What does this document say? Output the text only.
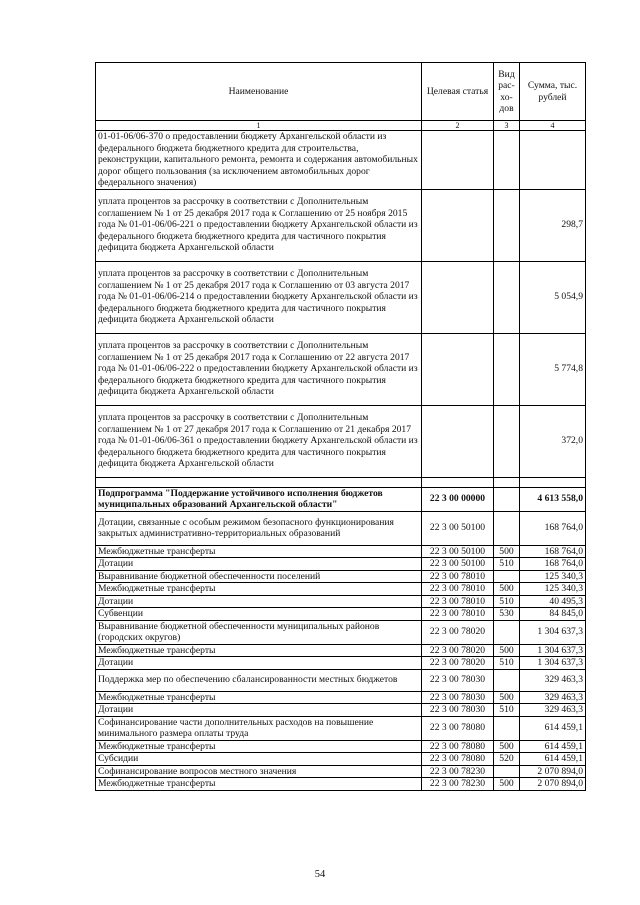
Наименование	Целевая статья	Вид рас-хо-дов	Сумма, тыс. рублей
1	2	3	4
01-01-06/06-370 о предоставлении бюджету Архангельской области из федерального бюджета бюджетного кредита для строительства, реконструкции, капитального ремонта, ремонта и содержания автомобильных дорог общего пользования (за исключением автомобильных дорог федерального значения)			
уплата процентов за рассрочку в соответствии с Дополнительным соглашением № 1 от 25 декабря 2017 года к Соглашению от 25 ноября 2015 года № 01-01-06/06-221 о предоставлении бюджету Архангельской области из федерального бюджета бюджетного кредита для частичного покрытия дефицита бюджета Архангельской области			298,7
уплата процентов за рассрочку в соответствии с Дополнительным соглашением № 1 от 25 декабря 2017 года к Соглашению от 03 августа 2017 года № 01-01-06/06-214 о предоставлении бюджету Архангельской области из федерального бюджета бюджетного кредита для частичного покрытия дефицита бюджета Архангельской области			5 054,9
уплата процентов за рассрочку в соответствии с Дополнительным соглашением № 1 от 25 декабря 2017 года к Соглашению от 22 августа 2017 года № 01-01-06/06-222 о предоставлении бюджету Архангельской области из федерального бюджета бюджетного кредита для частичного покрытия дефицита бюджета Архангельской области			5 774,8
уплата процентов за рассрочку в соответствии с Дополнительным соглашением № 1 от 27 декабря 2017 года к Соглашению от 21 декабря 2017 года № 01-01-06/06-361 о предоставлении бюджету Архангельской области из федерального бюджета бюджетного кредита для частичного покрытия дефицита бюджета Архангельской области			372,0

Подпрограмма "Поддержание устойчивого исполнения бюджетов муниципальных образований Архангельской области"	22 3 00 00000		4 613 558,0
Дотации, связанные с особым режимом безопасного функционирования закрытых административно-территориальных образований	22 3 00 50100		168 764,0
Межбюджетные трансферты	22 3 00 50100	500	168 764,0
Дотации	22 3 00 50100	510	168 764,0
Выравнивание бюджетной обеспеченности поселений	22 3 00 78010		125 340,3
Межбюджетные трансферты	22 3 00 78010	500	125 340,3
Дотации	22 3 00 78010	510	40 495,3
Субвенции	22 3 00 78010	530	84 845,0
Выравнивание бюджетной обеспеченности муниципальных районов (городских округов)	22 3 00 78020		1 304 637,3
Межбюджетные трансферты	22 3 00 78020	500	1 304 637,3
Дотации	22 3 00 78020	510	1 304 637,3
Поддержка мер по обеспечению сбалансированности местных бюджетов	22 3 00 78030		329 463,3
Межбюджетные трансферты	22 3 00 78030	500	329 463,3
Дотации	22 3 00 78030	510	329 463,3
Софинансирование части дополнительных расходов на повышение минимального размера оплаты труда	22 3 00 78080		614 459,1
Межбюджетные трансферты	22 3 00 78080	500	614 459,1
Субсидии	22 3 00 78080	520	614 459,1
Софинансирование вопросов местного значения	22 3 00 78230		2 070 894,0
Межбюджетные трансферты	22 3 00 78230	500	2 070 894,0
54
